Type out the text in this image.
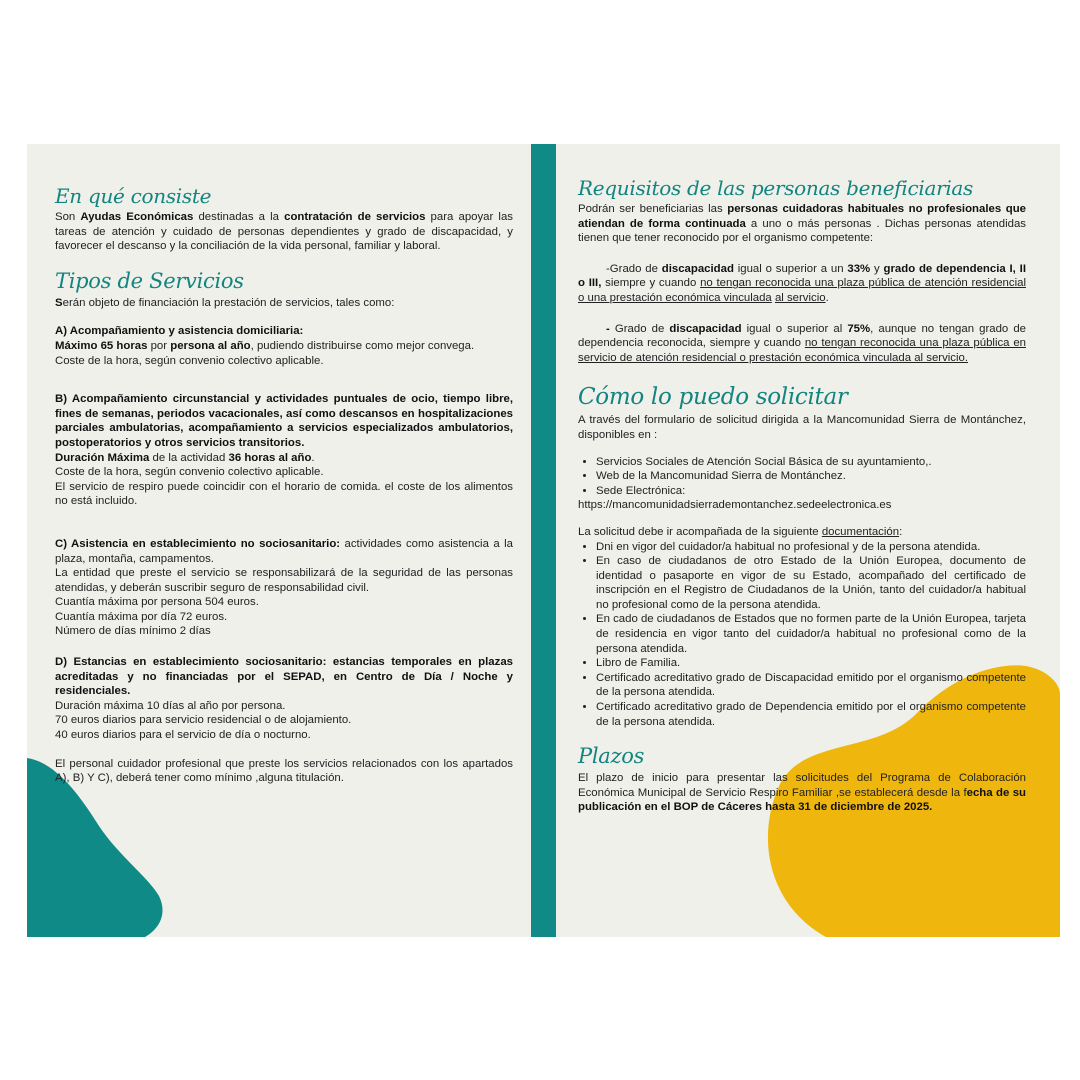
En qué consiste

Son Ayudas Económicas destinadas a la contratación de servicios para apoyar las tareas de atención y cuidado de personas dependientes y grado de discapacidad, y favorecer el descanso y la conciliación de la vida personal, familiar y laboral.

Tipos de Servicios

Serán objeto de financiación la prestación de servicios, tales como:

A) Acompañamiento y asistencia domiciliaria:

Máximo 65 horas por persona al año, pudiendo distribuirse como mejor convega.

Coste de la hora, según convenio colectivo aplicable.

B) Acompañamiento circunstancial y actividades puntuales de ocio, tiempo libre, fines de semanas, periodos vacacionales, así como descansos en hospitalizaciones parciales ambulatorias, acompañamiento a servicios especializados ambulatorios, postoperatorios y otros servicios transitorios.

Duración Máxima de la actividad 36 horas al año.

Coste de la hora, según convenio colectivo aplicable.

El servicio de respiro puede coincidir con el horario de comida. el coste de los alimentos no está incluido.

C) Asistencia en establecimiento no sociosanitario: actividades como asistencia a la plaza, montaña, campamentos.

La entidad que preste el servicio se responsabilizará de la seguridad de las personas atendidas, y deberán suscribir seguro de responsabilidad civil.

Cuantía máxima por persona 504 euros.

Cuantía máxima por día 72 euros.

Número de días mínimo 2 días

D) Estancias en establecimiento sociosanitario: estancias temporales en plazas acreditadas y no financiadas por el SEPAD, en Centro de Día / Noche y residenciales.

Duración máxima 10 días al año por persona.

70 euros diarios para servicio residencial o de alojamiento.

40 euros diarios para el servicio de día o nocturno.

El personal cuidador profesional que preste los servicios relacionados con los apartados A), B) Y C), deberá tener como mínimo ,alguna titulación.

Requisitos de las personas beneficiarias

Podrán ser beneficiarias las personas cuidadoras habituales no profesionales que atiendan de forma continuada a uno o más personas . Dichas personas atendidas tienen que tener reconocido por el organismo competente:

-Grado de discapacidad igual o superior a un 33% y grado de dependencia I, II o III, siempre y cuando no tengan reconocida una plaza pública de atención residencial o una prestación económica vinculada al servicio.

- Grado de discapacidad igual o superior al 75%, aunque no tengan grado de dependencia reconocida, siempre y cuando no tengan reconocida una plaza pública en servicio de atención residencial o prestación económica vinculada al servicio.

Cómo lo puedo solicitar

A través del formulario de solicitud dirigida a la Mancomunidad Sierra de Montánchez, disponibles en :

• Servicios Sociales de Atención Social Básica de su ayuntamiento,.
• Web de la Mancomunidad Sierra de Montánchez.
• Sede Electrónica:

https://mancomunidadsierrademontanchez.sedeelectronica.es

La solicitud debe ir acompañada de la siguiente documentación:

• Dni en vigor del cuidador/a habitual no profesional y de la persona atendida.
• En caso de ciudadanos de otro Estado de la Unión Europea, documento de identidad o pasaporte en vigor de su Estado, acompañado del certificado de inscripción en el Registro de Ciudadanos de la Unión, tanto del cuidador/a habitual no profesional como de la persona atendida.
• En cado de ciudadanos de Estados que no formen parte de la Unión Europea, tarjeta de residencia en vigor tanto del cuidador/a habitual no profesional como de la persona atendida.
• Libro de Familia.
• Certificado acreditativo grado de Discapacidad emitido por el organismo competente de la persona atendida.
• Certificado acreditativo grado de Dependencia emitido por el organismo competente de la persona atendida.
Plazos

El plazo de inicio para presentar las solicitudes del Programa de Colaboración Económica Municipal de Servicio Respiro Familiar ,se establecerá desde la fecha de su publicación en el BOP de Cáceres hasta 31 de diciembre de 2025.
